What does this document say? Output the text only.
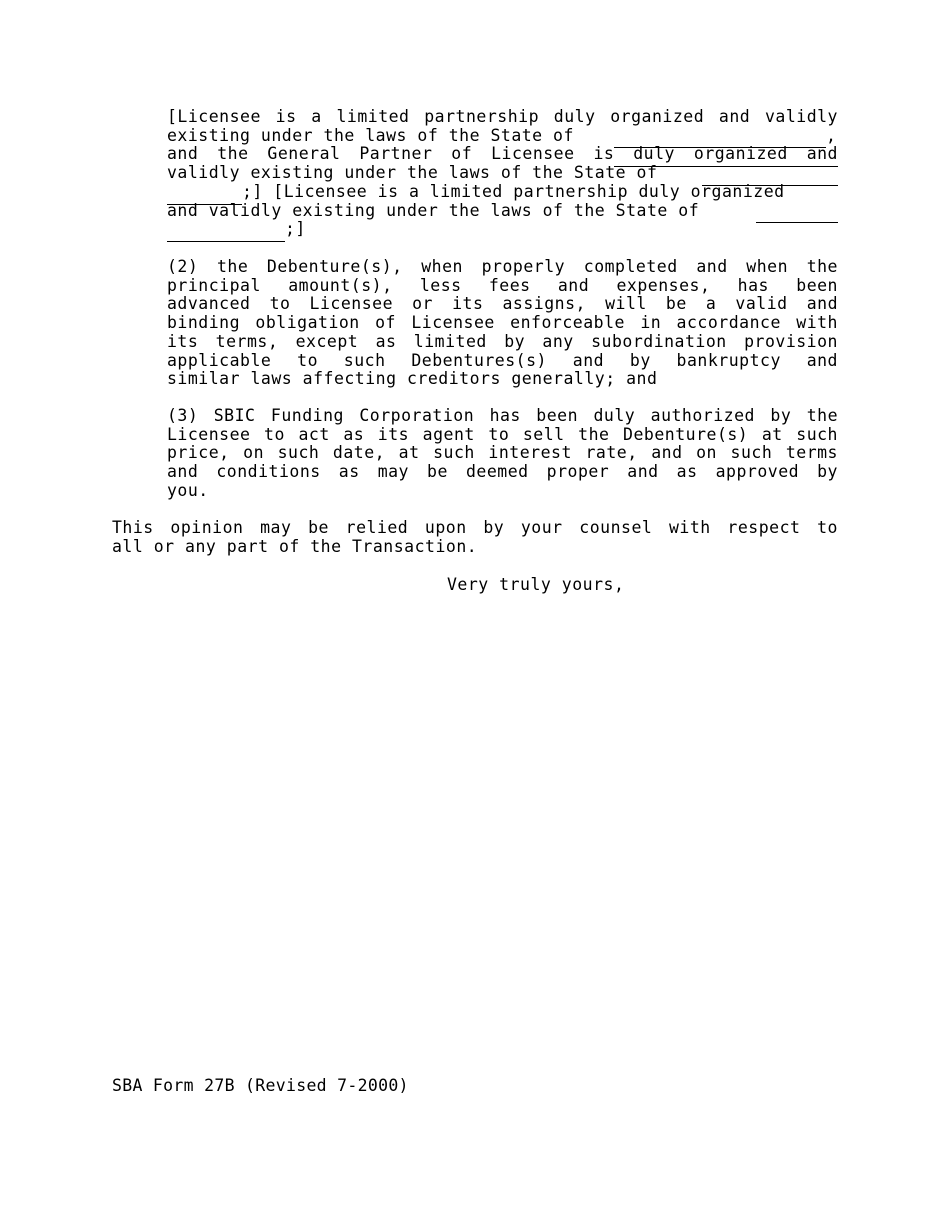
[Licensee is a limited partnership duly organized and validly
existing under the laws of the State of	,
and the General Partner of Licensee is duly organized and
validly existing under the laws of the State of
;] [Licensee is a limited partnership duly organized
and validly existing under the laws of the State of
;]
(2) the Debenture(s), when properly completed and when the
principal amount(s), less fees and expenses, has been
advanced to Licensee or its assigns, will be a valid and
binding obligation of Licensee enforceable in accordance with
its terms, except as limited by any subordination provision
applicable to such Debentures(s) and by bankruptcy and
similar laws affecting creditors generally; and
(3) SBIC Funding Corporation has been duly authorized by the
Licensee to act as its agent to sell the Debenture(s) at such
price, on such date, at such interest rate, and on such terms
and conditions as may be deemed proper and as approved by
you.
This opinion may be relied upon by your counsel with respect to
all or any part of the Transaction.
Very truly yours,
SBA Form 27B (Revised 7-2000)
